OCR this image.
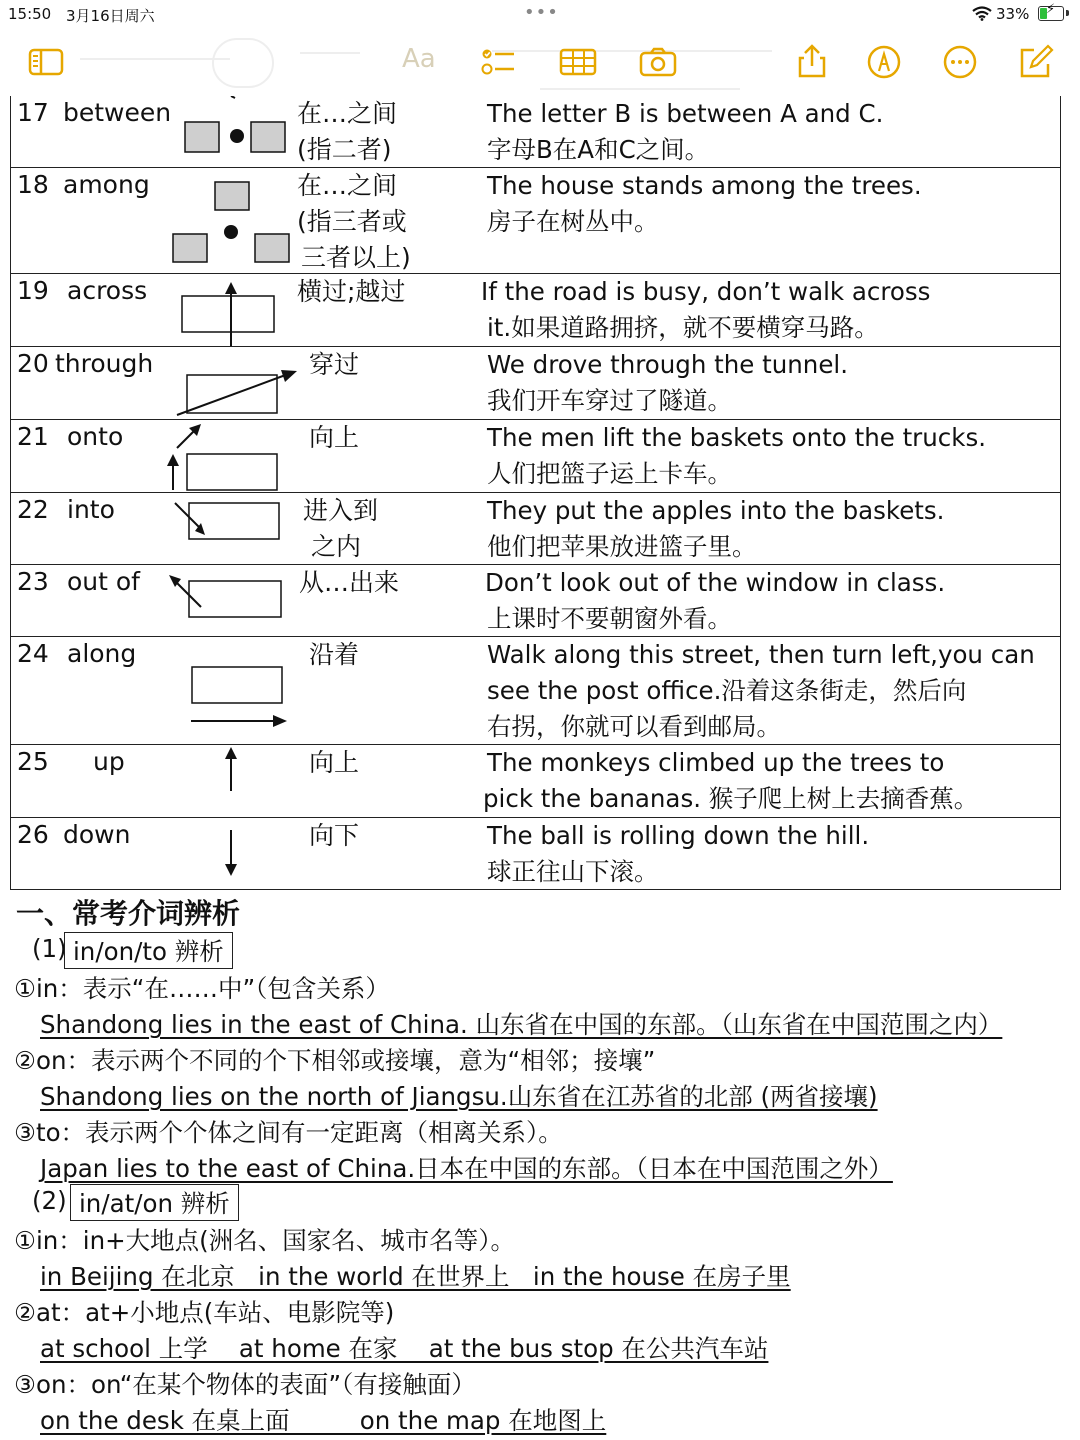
15:50 3月16日周六	•••	33% ⚡
Aa
17 between	在…之间
(指二者)
The letter B is between A and C.
字母B在A和C之间。
18 among	在…之间
(指三者或
三者以上)
The house stands among the trees.
房子在树丛中。
19 across	横过;越过	If the road is busy, don’t walk across
it.如果道路拥挤，就不要横穿马路。
20 through	穿过	We drove through the tunnel.
我们开车穿过了隧道。
21 onto	向上	The men lift the baskets onto the trucks.
人们把篮子运上卡车。
22 into	进入到
之内
They put the apples into the baskets.
他们把苹果放进篮子里。
23 out of	从…出来	Don’t look out of the window in class.
上课时不要朝窗外看。
24 along	沿着	Walk along this street, then turn left,you can
see the post office.沿着这条街走，然后向
右拐，你就可以看到邮局。
25 up	向上	The monkeys climbed up the trees to
pick the bananas. 猴子爬上树上去摘香蕉。
26 down	向下	The ball is rolling down the hill.
球正往山下滚。
一、常考介词辨析
(1) in/on/to 辨析
①in：表示“在……中”（包含关系）
Shandong lies in the east of China. 山东省在中国的东部。（山东省在中国范围之内）
②on：表示两个不同的个下相邻或接壤，意为“相邻；接壤”
Shandong lies on the north of Jiangsu.山东省在江苏省的北部 (两省接壤)
③to：表示两个个体之间有一定距离（相离关系）。
Japan lies to the east of China.日本在中国的东部。（日本在中国范围之外）
(2) in/at/on 辨析
①in：in+大地点(洲名、国家名、城市名等）。
in Beijing 在北京   in the world 在世界上   in the house 在房子里
②at：at+小地点(车站、电影院等)
at school 上学    at home 在家    at the bus stop 在公共汽车站
③on：on“在某个物体的表面”（有接触面）
on the desk 在桌上面         on the map 在地图上
